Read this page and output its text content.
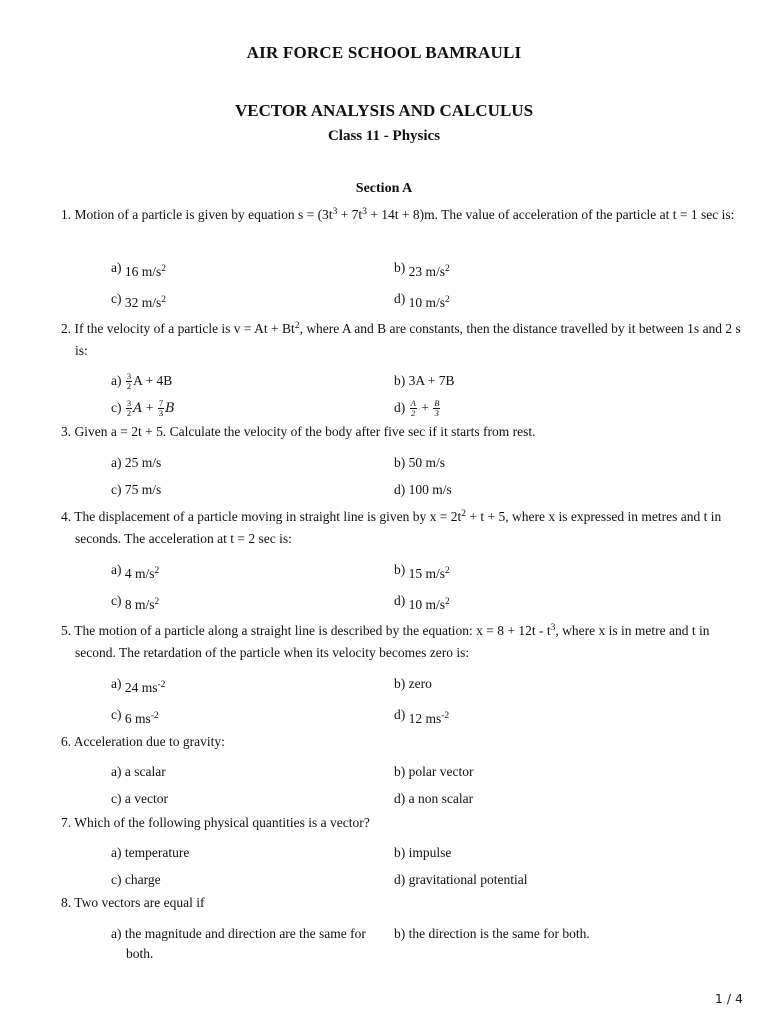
AIR FORCE SCHOOL BAMRAULI
VECTOR ANALYSIS AND CALCULUS
Class 11 - Physics
Section A
1. Motion of a particle is given by equation $s = (3t^3 + 7t^3 + 14t + 8)m$. The value of acceleration of the particle at t = 1 sec is:
a) 16 $m/s^2$	b) 23 $m/s^2$
c) 32 $m/s^2$	d) 10 $m/s^2$
2. If the velocity of a particle is $v = At + Bt^2$, where A and B are constants, then the distance travelled by it between 1s and 2 s is:
$a) \frac{3}{2}$ A + 4B	b) 3A + 7B
$c) \frac{3}{2}$ $A + \frac{7}{3}$ B	$d) \frac{A}{2} + \frac{B}{3}$
3. Given a = 2t + 5. Calculate the velocity of the body after five sec if it starts from rest.
a) 25 m/s	b) 50 m/s
c) 75 m/s	d) 100 m/s
4. The displacement of a particle moving in straight line is given by $x = 2t^2 + t + 5$, where x is expressed in metres and t in seconds. The acceleration at t = 2 sec is:
a) 4 $m/s^2$	b) 15 $m/s^2$
c) 8 $m/s^2$	d) 10 $m/s^2$
5. The motion of a particle along a straight line is described by the equation: $x = 8 + 12t - t^3$, where x is in metre and t in second. The retardation of the particle when its velocity becomes zero is:
a) 24 $ms^{-2}$	b) zero
c) 6 $ms^{-2}$	d) 12 $ms^{-2}$
6. Acceleration due to gravity:
a) a scalar	b) polar vector
c) a vector	d) a non scalar
7. Which of the following physical quantities is a vector?
a) temperature	b) impulse
c) charge	d) gravitational potential
8. Two vectors are equal if
a) the magnitude and direction are the same for both.
b) the direction is the same for both.
1 / 4
